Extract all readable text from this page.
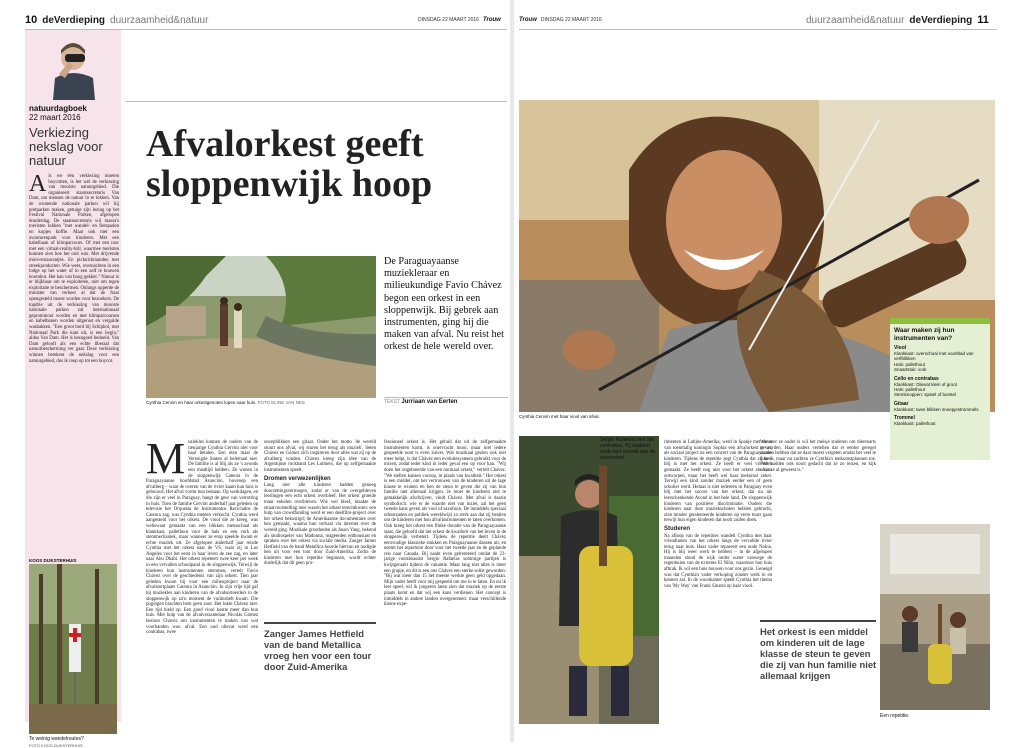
10 deVerdieping duurzaamheid&natuur	DINSDAG 22 MAART 2016 Trouw
natuurdagboek
22 maart 2016
Verkiezing nekslag voor natuur
Als we één verkiezing moeten boycotten, is het wel de verkiezing van mooiste natuurgebied. Die organiseert staatssecretaris Van Dam, om mensen de natuur in te lokken. Van de winnende nationale parken wil hij pretparken maken, getuige zijn lezing op het Festival Nationale Parken, afgelopen donderdag. De staatssecretaris wil massa's toeristen lokken "met wandel- en fietspaden en kopjes koffie. Maar ook met een avonturenpark voor kinderen. Met een kabelbaan of klimparcours. Of met een tour met een virtual-reality-bril, waarmee toeristen kunnen zien hoe het ooit was. Met drijvende mini-restaurantjes. En picknickmanden met streekproducten. Wie weet, overnachten in een lodge op het water of in een zelf te bouwen boomhut. Het kan van hoog gekker." Natuur is er blijkbaar om te exploiteren, niet om tegen exploitatie te beschermen. Onlangs opperde de minister van verkeer al dat de fraai opengesteld moest worden voor bezoekers. De topdrie uit de verkiezing van mooiste nationale parken zal internationaal geprommoot worden en met klimparcoursen en kabelbanen worden uitgerust en vergulde wasbakken. "Een groot bord bij Schiphol, met Nationaal Park die kant uit, is een begin," aldus Van Dam. Het is bezugoed bedoeld. Van Dam gelooft als een echte liberaal dat natuurbescherming ver gaat. Deze verkiezing winnen betekent de nekslag voor een natuurgebied, dus ik roep op tot een boycot.
KOOS DIJKSTERHUIS
Te weinig wandelroutes?
FOTO KOOS DIJKSTERHUIS
Afvalorkest geeft sloppenwijk hoop
Cynthia Cervim en haar orkestgenoten lopen naar huis. FOTO ELINE VAN NES
De Paraguayaanse muziekleraar en milieukundige Favio Chávez begon een orkest in een sloppenwijk. Bij gebrek aan instrumenten, ging hij die maken van afval. Nu reist het orkest de hele wereld over.
TEKST Jurriaan van Eerten
Muziekles kunnen de ouders van de tienjarige Cynthia Cervim niet voor haar betalen. Een eten maar de Verenigde Staten al helemaal niet. De familie is al blij als ze 's avonds een maaltijd hebben. Ze wonen in de sloppenwijk Cateura in de Paraguayaanse hoofdstad Asunción, bovenop een afvalberg – waar de overen van de rivier kaam hun huis is gebouwd. Het afval vormt hun bestaan. Op werkdagen, en die zijn er veel in Paraguay, hangt de geur van verrotting in huis. Toen de familie Cervim anderhalf jaar geleden op televisie het Orquesta de Instrumentos Reciclados de Cateura zag, was Cynthia meteen verkocht. Cynthia werd aangesteld voor het orkest. De viool die ze kreeg, was weliswaar gemaakt van een blikken mensschaal als klankkast, pallethout voor de hals en een vork als stemmechaniek, maar wanneer ze erop speelde kwam er echte muziek uit. Ze afgelopen anderhalf jaar reisde Cynthia met het orkest naar de VS, waar zij in Los Angeles voor het eerst in haar leven de zee zag, en later naar Abu Dhabi. Het orkest repeteert twee keer per week in een vervallen schoolpand in de sloppenwijk. Terwijl de kinderen hun instrumenten stemmen, vertelt Favio Chávez over de geschiedenis van zijn orkest. Tien jaar geleden kwam hij voor een milieuproject naar de afvalstortplaats Cateura in Asunción. In zijn vrije tijd gaf hij muziekles aan kinderen van de afvalsorteerders in de sloppenwijk op zo'n moment de vuilnisbelt kwam. Die pogingen brachten hem geen zout. Het lukte Chávez niet. Een tijd hield op. Een goed viool kostte meer dan hun huis. Met hulp van de afvalverzamelaar Nicolás Gómez besloot Chávez om instrumenten te maken van wat voorhanden was: afval. Een oud olievat werd een contrabas, twee
oncepblikken een gitaar. Onder het motto 'de wereld stuurt ons afval, wij sturen het terug als muziek', lieten Chávez en Gómez zich inspireren door alles wat zij op de afvalberg vonden. Chávez kreeg zijn idee van de Argentijnse rockband Les Luthiers, die op zelfgemaakte instrumenten speelt.
Dromen verwezenlijken
Lang niet alle kinderen hadden genoeg doorzettingsvermogen, zodat er van de overgebleven leerlingen een echt orkest overbleef. Het orkest groeide maar enkelen overbleven. Wie wel bleef, maakte de straatvoorstelling mee waarin het orkest terechtkwam: een hulp van crowdfunding werd er een deelfilm-project over het orkest bekostigd; de Amerikaanse documentaire over hen gemaakt, waarna hun verhaal via internet over de wereld ging. Muzikale grootheden als Jason Yang, bekend als studiospeler van Madonna, reageerden enthousiast en spraken over het orkest via sociale media. Zanger James Hetfield van de band Metallica hoorde hiervan en nodigde hen uit voor een tour door Zuid-Amerika. Zodra de kinderen met hun repetitie beginnen, wordt echter duidelijk dat dit geen pro-
Zanger James Hetfield van de band Metallica vroeg hen voor een tour door Zuid-Amerika
fessioneel orkest is. Het geluid dat uit de zelfgemaakte instrumenten komt, is onervracht mooi, maar niet iedere gespeelde noot is even zuiver. Wat muzikaal gezien ook niet meer helpt, is dat Chávez een evolutiesysteem gebruikt voor de mixen, zodat ieder kind in ieder geval een op voor kan. "Wij doen het ongebreerde van een normaal orkest," vertelt Chávez. "We stellen kansen voorop, in plaats van kwaliteit." Het orkest is een middel, om het vertrouwen van de kinderen uit de lage klasse te winnen en hen de steun te geven die zij van hun familie niet allemaal krijgen. Je moet de kinderen niet te gemakkelijk afschrijven, vindt Chávez. Met afval is daarin symbolisch: wie er de waarde niet van inziet, zal het geen tweede kans geven als vool of saxofoon. De inmiddels speciaal orkestzaden en publiek wereldwijd zo sterk aan dat zij betalen om de kinderen met hun afvalinstrumenten te laten overkomen. Ook kreeg het orkest een flinke donatie van de Paraguayaanse staat, die geloofd dat het orkest de kwaliteit van het leven in de sloppenwijk verbetert. Tijdens de repetitie deelt Chávez eenvoudige klassieke stukken en Paraguayaanse dansen uit, en neemt het repertoire door voor het tweede jaar en de geplande reis naar Canada. Bij naakt even gelrenteerd omdat de 23-jarige contrabassist Sergio Rafaelas sommige partijen is kwijtgeraakt tijdens de vakantie. Maar lang niet alles is meer een grapje, en dit is een ons Chávez een sterke solist geworden: "Bij wat meer dan 15 het meeste werkte geen geld opgedaan. Mijn vader heeft voor mij gespeeld om me in te laten. En nu ik leer speel, wil ik jongeren laten zien dat muziek op de eerste plaats komt en dat wij een kans verdienen. Het concept is inmiddels in andere landen overgenomen: maar verschillende kleine expe-
Trouw DINSDAG 22 MAART 2016	duurzaamheid&natuur deVerdieping 11
Cynthia Cervim met haar viool van afval.
Waar maken zij hun instrumenten van?
Viool
Klankkast: overschoal met voorblad van verfblikken
Hals: pallethout
Snaartstuk: vork
Cello en contrabas
Klankkast: Olievat klein of groot
Hals: pallethout
Stemknoppen: spatel of borstel
Gitaar
Klankkast: twee blikken snoepjestrommels
Trommel
Klankkast: pallethout
Sergio Rafaelas met zijn contrabas. Hij studeert sinds kort muziek aan de universiteit.
rimenten in Latijns-Amerika, werd in Spanje met steun van toenmalig koningin Sophia een afvalorkest gevat, als sociaal project na een concert van de Paraguayaanse kinderen. Tijdens de repetitie zegt Cynthia dat zij heel blij is met het orkest. Ze heeft er veel vrienden gemaakt. Ze heeft nog niet voor het orkest als kans ontworpen, maar het heeft wel haar toekomst zeker. Terwijl een kind zonder muziek eerder een of geen scholier werd. Helaas is niet iedereen in Paraguay even blij met het succes van het orkest, dat nu als leerschenkende Avond in het hele land. De sloppenwijk kinderen van positieve discriminatie. Ouders die kinderen naar dure muziekscholen hebben gebracht, zien minder getalenteerde kinderen op verre tours gaan terwijl hun eigen kinderen dat nooit zullen doen.
Studeren
Na afloop van de repetities wandelt Cynthia met haar vriendinnen van het orkest langs de vervallde rivier terug naar huis. Haar vader repareert een oude Nokia. Hij is blij weer werk te hebben – in de afgelopen maanden stond de wijk onder water vanwege de regenbuien van de extreme El Niño, waardoor hun huis afbrak. Ik wil een huis bouwen voor ons gezin. Geneigd was dat Cynthia's vader verkoping zonder werk in en kennen zat. In de woonkamer speelt Cynthia het thema van 'My Way' van Frank Sinatra op haar viool.
Wanneer ze ouder is wil het meisje studeren om dierenarts te worden. Haar ouders vertellen dat er eerder geregel zouden hebben dat ze daar moest vergeten omdat het veel te duur is, maar nu zachten ze Cynthia's toekomstplannen toe. "We hadden ook nooit gedacht dat ze zo reizen, en kijk waar ze al geweest is."
Het orkest is een middel om kinderen uit de lage klasse de steun te geven die zij van hun familie niet allemaal krijgen
Een repetitie.
